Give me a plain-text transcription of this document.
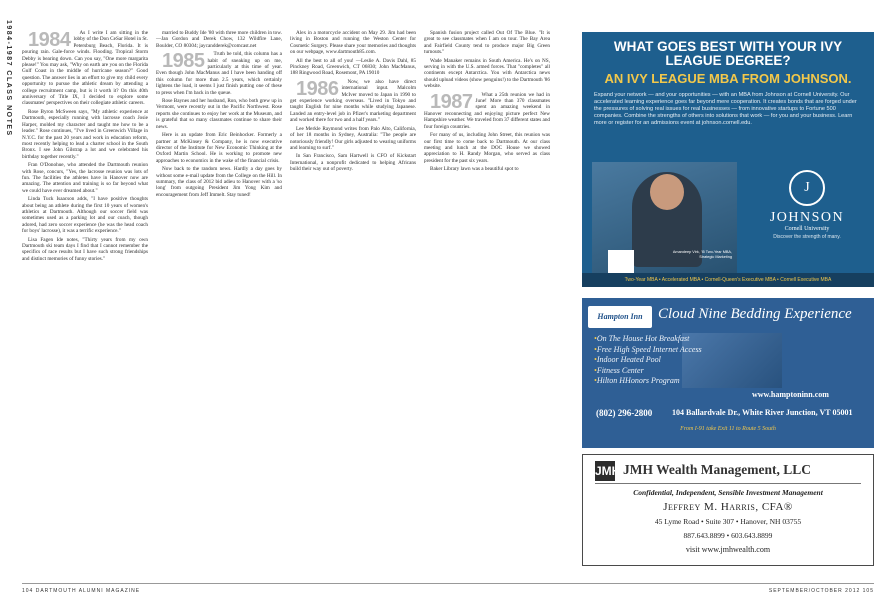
1984-1987 CLASS NOTES 1984 As I write I am sitting in the lobby of the Don CeSar Hotel in St. Petersburg Beach, Florida. It is pouring rain. Gale-force winds. Flooding. Tropical Storm Debby is bearing down. Can you say, "One more margarita please!" You may ask, "Why on earth are you on the Florida Gulf Coast in the middle of hurricane season?" Good question. The answer lies in an effort to give my child every opportunity to pursue the athletic dream by attending a college recruitment camp, but is it worth it? On this 40th anniversary of Title IX, I decided to explore some classmates' perspectives on their collegiate athletic careers.

Rose Byron McSween says, "My athletic experience at Dartmouth, especially running with lacrosse coach Josie Harper, molded my character and taught me how to be a leader." Rose continues, "I've lived in Greenwich Village in N.Y.C. for the past 20 years and work in education reform, most recently helping to lead a charter school in the South Bronx. I see John Gilstrap a lot and we celebrated his birthday together recently."

Fran O'Donohue, who attended the Dartmouth reunion with Rose, concurs, "Yes, the lacrosse reunion was lots of fun. The facilities the athletes have in Hanover now are amazing. The attention and training is so far beyond what we could have ever dreamed about."

Linda Tuck Isaacson adds, "I have positive thoughts about being an athlete during the first 10 years of women's athletics at Dartmouth. Although our soccer field was sometimes used as a parking lot and our coach, though adored, had zero soccer experience (he was the head coach for boys' lacrosse), it was a terrific experience."

Lisa Fagen Ide notes, "Thirty years from my own Dartmouth ski team days I find that I cannot remember the specifics of race results but I have such strong friendships and distinct memories of funny stories."

married to Buddy Ide '80 with three more children in tow. —Jan Gordon and Derek Chow, 132 Wildfire Lane, Boulder, CO 80304; jaycandderek@comcast.net

1985 Truth be told, this column has a habit of sneaking up on me, particularly at this time of year. Even though John MacManus and I have been handing off this column for more than 2.5 years, which certainly lightens the load, it seems I just finish putting one of these to press when I'm back in the queue.

Rose Baynes and her husband, Ron, who both grew up in Vermont, were recently out in the Pacific Northwest. Rose reports she continues to enjoy her work at the Museum, and is grateful that so many classmates continue to share their news.

Here is an update from Eric Beinhocker. Formerly a partner at McKinsey & Company, he is now executive director of the Institute for New Economic Thinking at the Oxford Martin School. He is working to promote new approaches to economics in the wake of the financial crisis.

Now back to the random news. Hardly a day goes by without some e-mail update from the College on the Hill. In summary, the class of 2012 bid adieu to Hanover with a 'so long' from outgoing President Jim Yong Kim and encouragement from Jeff Immelt. Stay tuned!

Alex in a motorcycle accident on May 29. Jim had been living in Boston and running the Weston Center for Cosmetic Surgery. Please share your memories and thoughts on our webpage, www.dartmouth85.com.

All the best to all of you! —Leslie A. Davis Dahl, 85 Pinckney Road, Greenwich, CT 06830; John MacManus, 188 Ringwood Road, Rosemont, PA 19010

1986 Now, we also have direct international input. Malcolm McIver moved to Japan in 1990 to get experience working overseas. "Lived in Tokyo and taught English for nine months while studying Japanese. Landed an entry-level job in Pfizer's marketing department and worked there for two and a half years."

Lee Merkle Raymond writes from Palo Alto, California, of her 18 months in Sydney, Australia: "The people are notoriously friendly! Our girls adjusted to wearing uniforms and learning to surf."

In San Francisco, Sam Hartwell is CFO of Kickstart International, a nonprofit dedicated to helping Africans build their way out of poverty.

Spanish fusion project called Out Of The Blue. "It is great to see classmates when I am on tour. The Bay Area and Fairfield County tend to produce major Big Green turnouts."

Wade Manaker remains in South America. He's on NS, serving in with the U.S. armed forces. That "completes" all continents except Antarctica. You with Antarctica news should upload videos (show penguins!) to the Dartmouth '86 website.

1987 What a 25th reunion we had in June! More than 370 classmates spent an amazing weekend in Hanover reconnecting and enjoying picture perfect New Hampshire weather. We traveled from 37 different states and four foreign countries.

For many of us, including John Street, this reunion was our first time to come back to Dartmouth. At our class meeting and lunch at the DOC House we showed appreciation to H. Randy Morgan, who served as class president for the past six years.

Baker Library lawn was a beautiful spot to

WHAT GOES BEST WITH YOUR IVY LEAGUE DEGREE?
AN IVY LEAGUE MBA FROM JOHNSON.
Expand your network — and your opportunities — with an MBA from Johnson at Cornell University. Our accelerated learning experience goes far beyond mere cooperation. It creates bonds that are forged under the pressures of solving real issues for real businesses — from innovative startups to Fortune 500 companies. Combine the strengths of others into solutions that work — for you and your business. Learn more or register for an admissions event at johnson.cornell.edu.
Amandeep Virk, 'I5 Two-Year MBA, Strategic Marketing
J
JOHNSON
Cornell University
Discover the strength of many.
Two-Year MBA • Accelerated MBA • Cornell-Queen's Executive MBA • Cornell Executive MBA
Hampton Inn	Cloud Nine Bedding Experience
• On The House Hot Breakfast
• Free High Speed Internet Access
• Indoor Heated Pool
• Fitness Center
• Hilton HHonors Program
www.hamptoninn.com
(802) 296-2800 104 Ballardvale Dr., White River Junction, VT 05001
From I-91 take Exit 11 to Route 5 South
JMH JMH Wealth Management, LLC
Confidential, Independent, Sensible Investment Management
Jeffrey M. Harris, CFA®
45 Lyme Road • Suite 307 • Hanover, NH 03755
887.643.8899 • 603.643.8899
visit www.jmhwealth.com
104 DARTMOUTH ALUMNI MAGAZINE	SEPTEMBER/OCTOBER 2012 105
